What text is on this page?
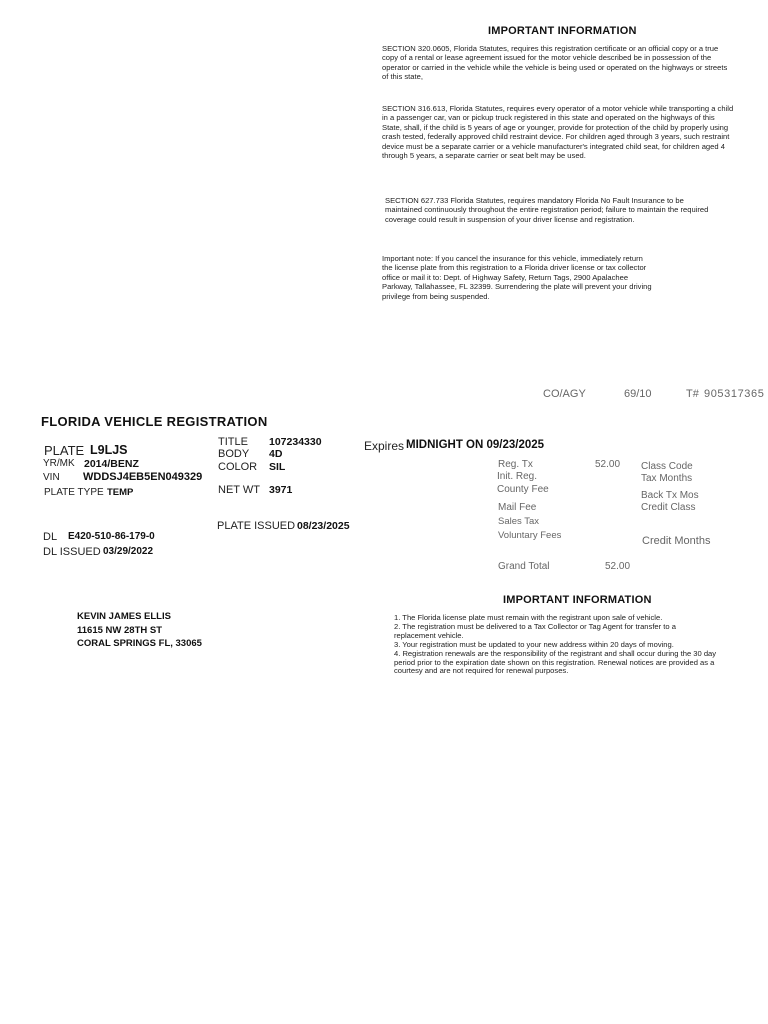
IMPORTANT INFORMATION
SECTION 320.0605, Florida Statutes, requires this registration certificate or an official copy or a true copy of a rental or lease agreement issued for the motor vehicle described be in possession of the operator or carried in the vehicle while the vehicle is being used or operated on the highways or streets of this state,
SECTION 316.613, Florida Statutes, requires every operator of a motor vehicle while transporting a child in a passenger car, van or pickup truck registered in this state and operated on the highways of this State, shall, if the child is 5 years of age or younger, provide for protection of the child by properly using crash tested, federally approved child restraint device. For children aged through 3 years, such restraint device must be a separate carrier or a vehicle manufacturer's integrated child seat, for children aged 4 through 5 years, a separate carrier or seat belt may be used.
SECTION 627.733 Florida Statutes, requires mandatory Florida No Fault Insurance to be maintained continuously throughout the entire registration period; failure to maintain the required coverage could result in suspension of your driver license and registration.
Important note: If you cancel the insurance for this vehicle, immediately return the license plate from this registration to a Florida driver license or tax collector office or mail it to: Dept. of Highway Safety, Return Tags, 2900 Apalachee Parkway, Tallahassee, FL 32399. Surrendering the plate will prevent your driving privilege from being suspended.
CO/AGY	69/10	T# 905317365
FLORIDA VEHICLE REGISTRATION
PLATE L9LJS
YR/MK 2014/BENZ
VIN WDDSJ4EB5EN049329
PLATE TYPE TEMP
TITLE 107234330
BODY 4D
COLOR SIL
NET WT 3971
PLATE ISSUED 08/23/2025
DL E420-510-86-179-0
DL ISSUED 03/29/2022
Expires MIDNIGHT ON 09/23/2025
Reg. Tx	52.00
Init. Reg.
County Fee
Mail Fee
Sales Tax
Voluntary Fees
Grand Total	52.00
Class Code
Tax Months
Back Tx Mos
Credit Class
Credit Months
IMPORTANT INFORMATION
KEVIN JAMES ELLIS
11615 NW 28TH ST
CORAL SPRINGS FL, 33065
1. The Florida license plate must remain with the registrant upon sale of vehicle.
2. The registration must be delivered to a Tax Collector or Tag Agent for transfer to a replacement vehicle.
3. Your registration must be updated to your new address within 20 days of moving.
4. Registration renewals are the responsibility of the registrant and shall occur during the 30 day period prior to the expiration date shown on this registration. Renewal notices are provided as a courtesy and are not required for renewal purposes.
